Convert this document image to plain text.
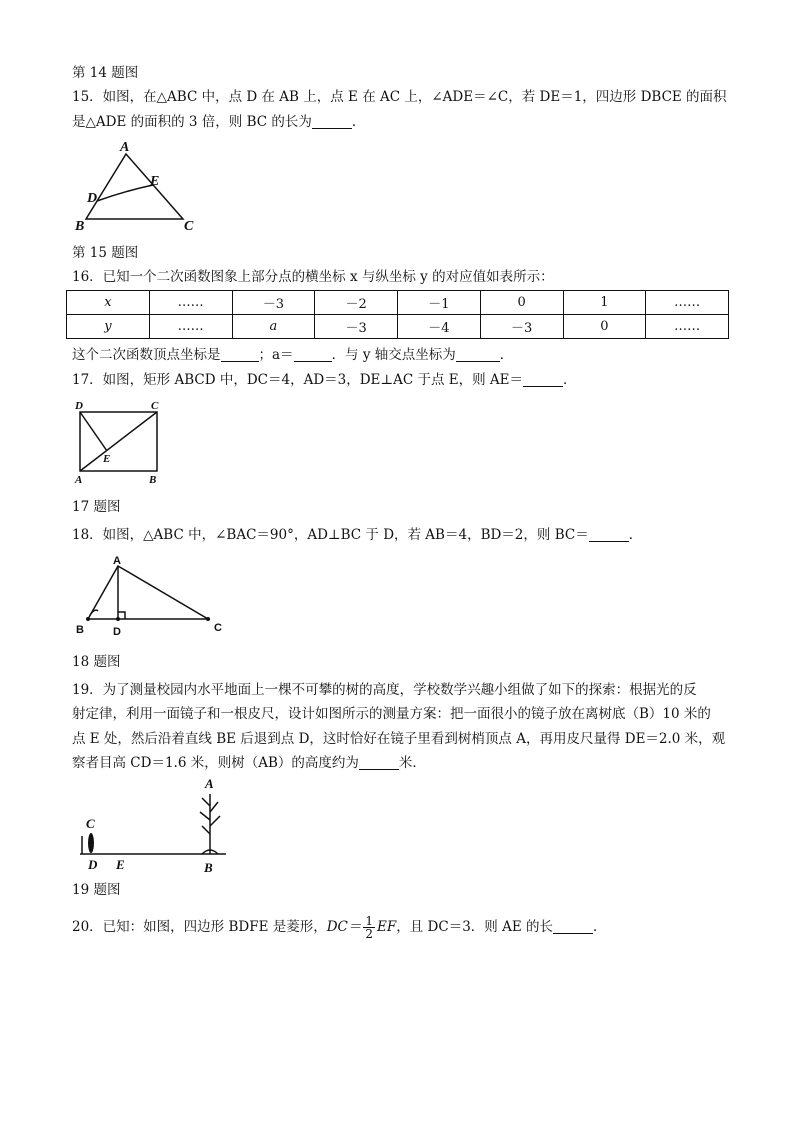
第 14 题图
15．如图，在△ABC 中，点 D 在 AB 上，点 E 在 AC 上，∠ADE＝∠C，若 DE＝1，四边形 DBCE 的面积
是△ADE 的面积的 3 倍，则 BC 的长为	．
A
B	C
D
E
第 15 题图
16．已知一个二次函数图象上部分点的横坐标 x 与纵坐标 y 的对应值如表所示：
x	……	－3	－2	－1	0	1	……
y	……	a	－3	－4	－3	0	……
这个二次函数顶点坐标是	；a＝	．与 y 轴交点坐标为	．
17．如图，矩形 ABCD 中，DC＝4，AD＝3，DE⊥AC 于点 E，则 AE＝	．
D	C
A	B
E
17 题图
18．如图，△ABC 中，∠BAC＝90°，AD⊥BC 于 D，若 AB＝4，BD＝2，则 BC＝	．
A
B	D	C
18 题图
19．为了测量校园内水平地面上一棵不可攀的树的高度，学校数学兴趣小组做了如下的探索：根据光的反
射定律，利用一面镜子和一根皮尺，设计如图所示的测量方案：把一面很小的镜子放在离树底（B）10 米的
点 E 处，然后沿着直线 BE 后退到点 D，这时恰好在镜子里看到树梢顶点 A，再用皮尺量得 DE＝2.0 米，观
察者目高 CD＝1.6 米，则树（AB）的高度约为	米．
A
C
D E	B
19 题图
20．已知：如图，四边形 BDFE 是菱形，$DC= \frac{1}{2}$ EF，且 DC＝3．则 AE 的长	．
